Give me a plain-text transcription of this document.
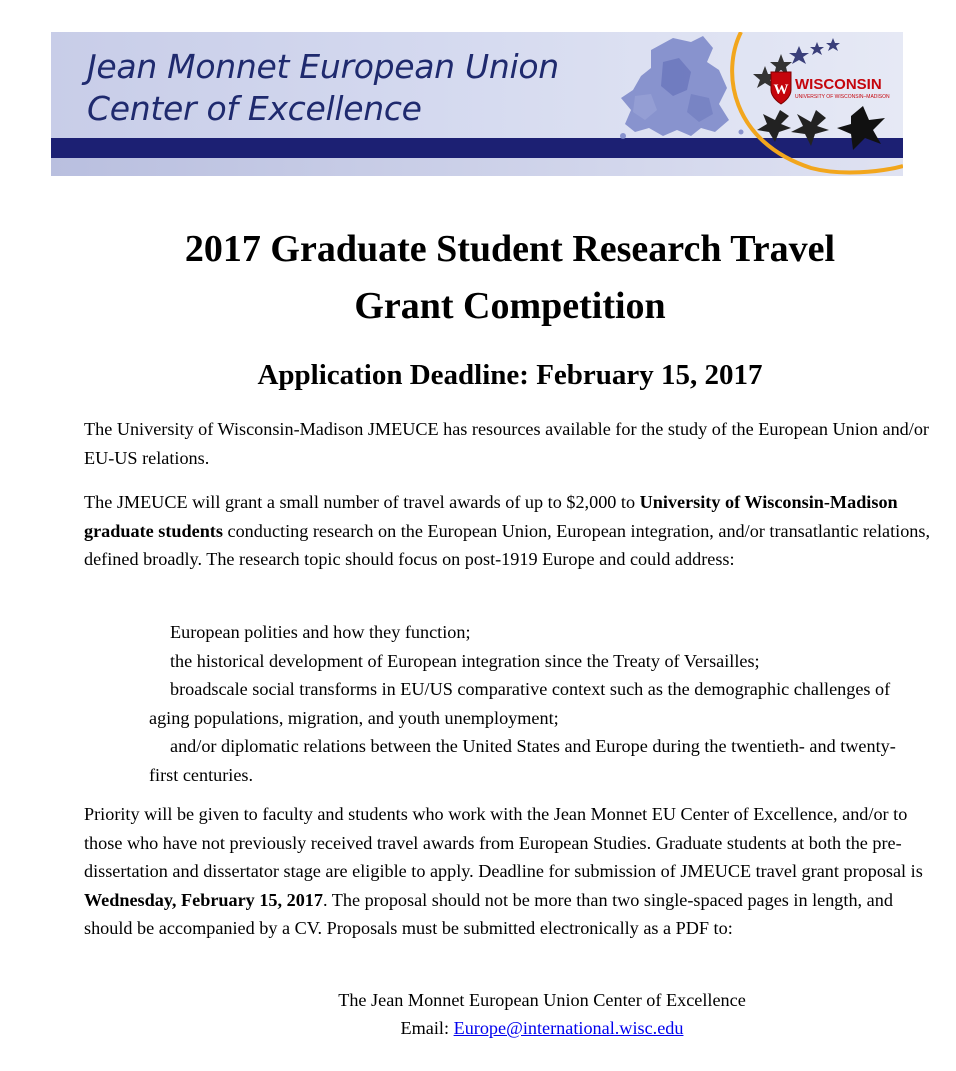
W WISCONSIN
UNIVERSITY OF WISCONSIN–MADISON
Jean Monnet European Union
Center of Excellence
2017 Graduate Student Research Travel
Grant Competition
Application Deadline: February 15, 2017
The University of Wisconsin-Madison JMEUCE has resources available for the study of the European Union and/or EU-US relations.
The JMEUCE will grant a small number of travel awards of up to $2,000 to University of Wisconsin-Madison graduate students conducting research on the European Union, European integration, and/or transatlantic relations, defined broadly. The research topic should focus on post-1919 Europe and could address:
European polities and how they function;
the historical development of European integration since the Treaty of Versailles;
broadscale social transforms in EU/US comparative context such as the demographic challenges of aging populations, migration, and youth unemployment;
and/or diplomatic relations between the United States and Europe during the twentieth- and twenty-first centuries.
Priority will be given to faculty and students who work with the Jean Monnet EU Center of Excellence, and/or to those who have not previously received travel awards from European Studies. Graduate students at both the pre-dissertation and dissertator stage are eligible to apply. Deadline for submission of JMEUCE travel grant proposal is Wednesday, February 15, 2017. The proposal should not be more than two single-spaced pages in length, and should be accompanied by a CV. Proposals must be submitted electronically as a PDF to:
The Jean Monnet European Union Center of Excellence
Email: Europe@international.wisc.edu
